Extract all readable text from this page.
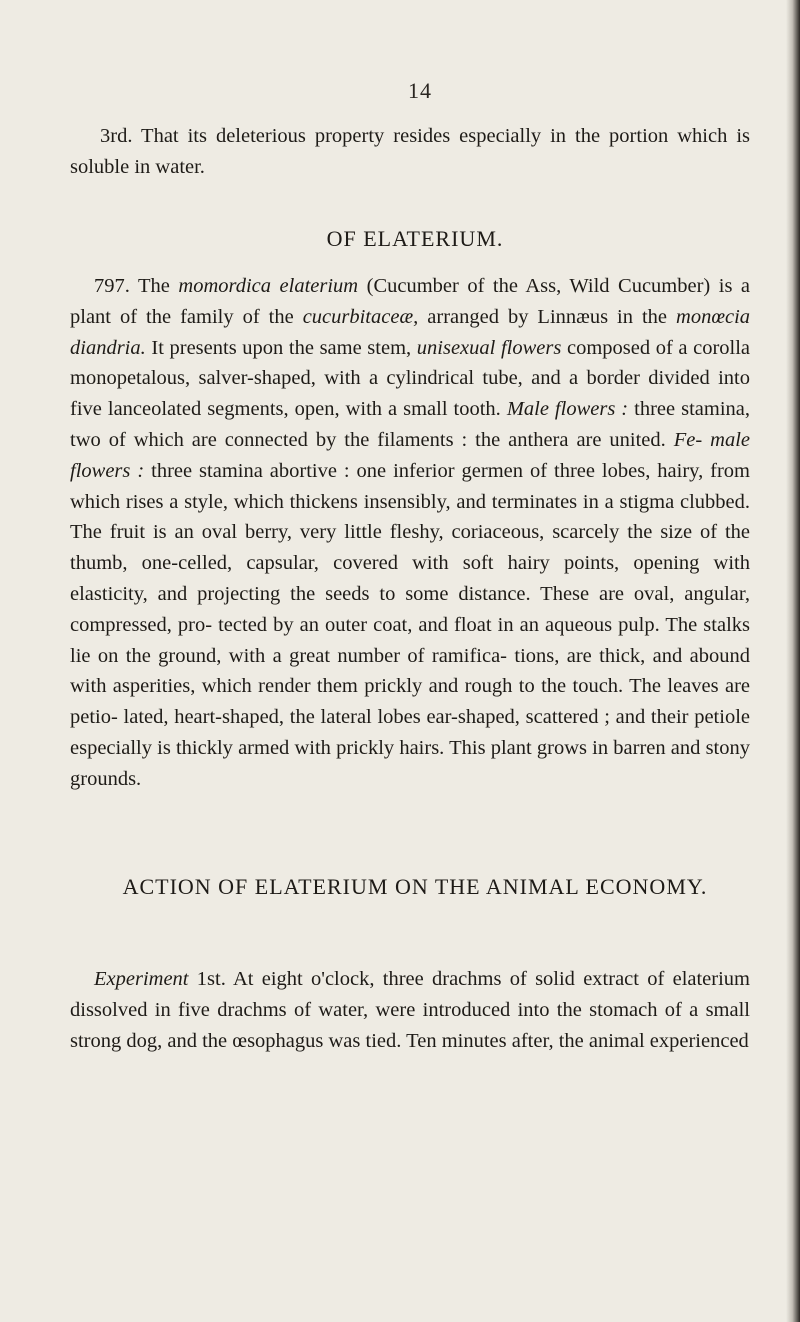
14

3rd. That its deleterious property resides especially in the portion which is soluble in water.

OF ELATERIUM.

797. The momordica elaterium (Cucumber of the Ass, Wild Cucumber) is a plant of the family of the cucurbitaceæ, arranged by Linnæus in the monœcia diandria. It presents upon the same stem, unisexual flowers composed of a corolla monopetalous, salver-shaped, with a cylindrical tube, and a border divided into five lanceolated segments, open, with a small tooth. Male flowers : three stamina, two of which are connected by the filaments : the anthera are united. Fe- male flowers : three stamina abortive : one inferior germen of three lobes, hairy, from which rises a style, which thickens insensibly, and terminates in a stigma clubbed. The fruit is an oval berry, very little fleshy, coriaceous, scarcely the size of the thumb, one-celled, capsular, covered with soft hairy points, opening with elasticity, and projecting the seeds to some distance. These are oval, angular, compressed, pro- tected by an outer coat, and float in an aqueous pulp. The stalks lie on the ground, with a great number of ramifica- tions, are thick, and abound with asperities, which render them prickly and rough to the touch. The leaves are petio- lated, heart-shaped, the lateral lobes ear-shaped, scattered ; and their petiole especially is thickly armed with prickly hairs. This plant grows in barren and stony grounds.

ACTION OF ELATERIUM ON THE ANIMAL ECONOMY.

Experiment 1st. At eight o'clock, three drachms of solid extract of elaterium dissolved in five drachms of water, were introduced into the stomach of a small strong dog, and the œsophagus was tied. Ten minutes after, the animal experienced
